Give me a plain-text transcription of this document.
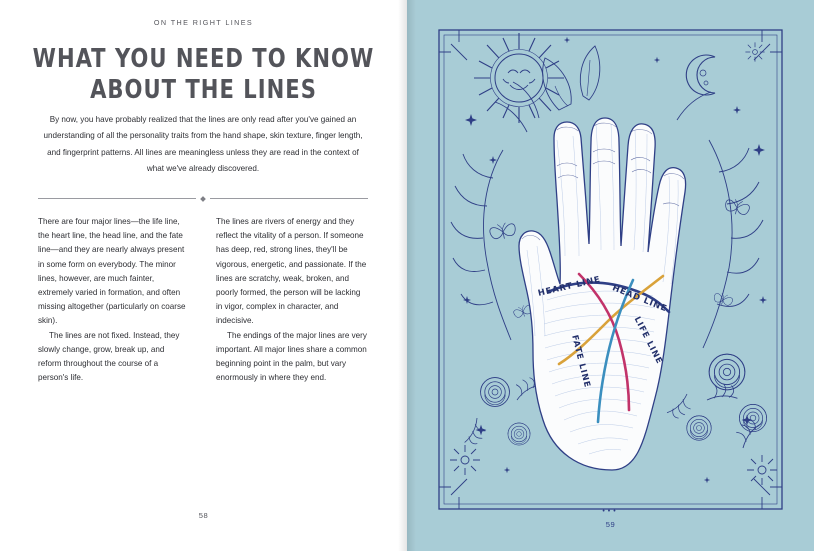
ON THE RIGHT LINES
WHAT YOU NEED TO KNOW
ABOUT THE LINES
By now, you have probably realized that the lines are only read after you've gained an understanding of all the personality traits from the hand shape, skin texture, finger length, and fingerprint patterns. All lines are meaningless unless they are read in the context of what we've already discovered.

There are four major lines—the life line, the heart line, the head line, and the fate line—and they are nearly always present in some form on everybody. The minor lines, however, are much fainter, extremely varied in formation, and often missing altogether (particularly on coarse skin).

The lines are not fixed. Instead, they slowly change, grow, break up, and reform throughout the course of a person's life.

The lines are rivers of energy and they reflect the vitality of a person. If someone has deep, red, strong lines, they'll be vigorous, energetic, and passionate. If the lines are scratchy, weak, broken, and poorly formed, the person will be lacking in vigor, complex in character, and indecisive.

The endings of the major lines are very important. All major lines share a common beginning point in the palm, but vary enormously in where they end.

58
HEART LINE HEAD LINE
LIFE LINE
FATE LINE
•••
59
